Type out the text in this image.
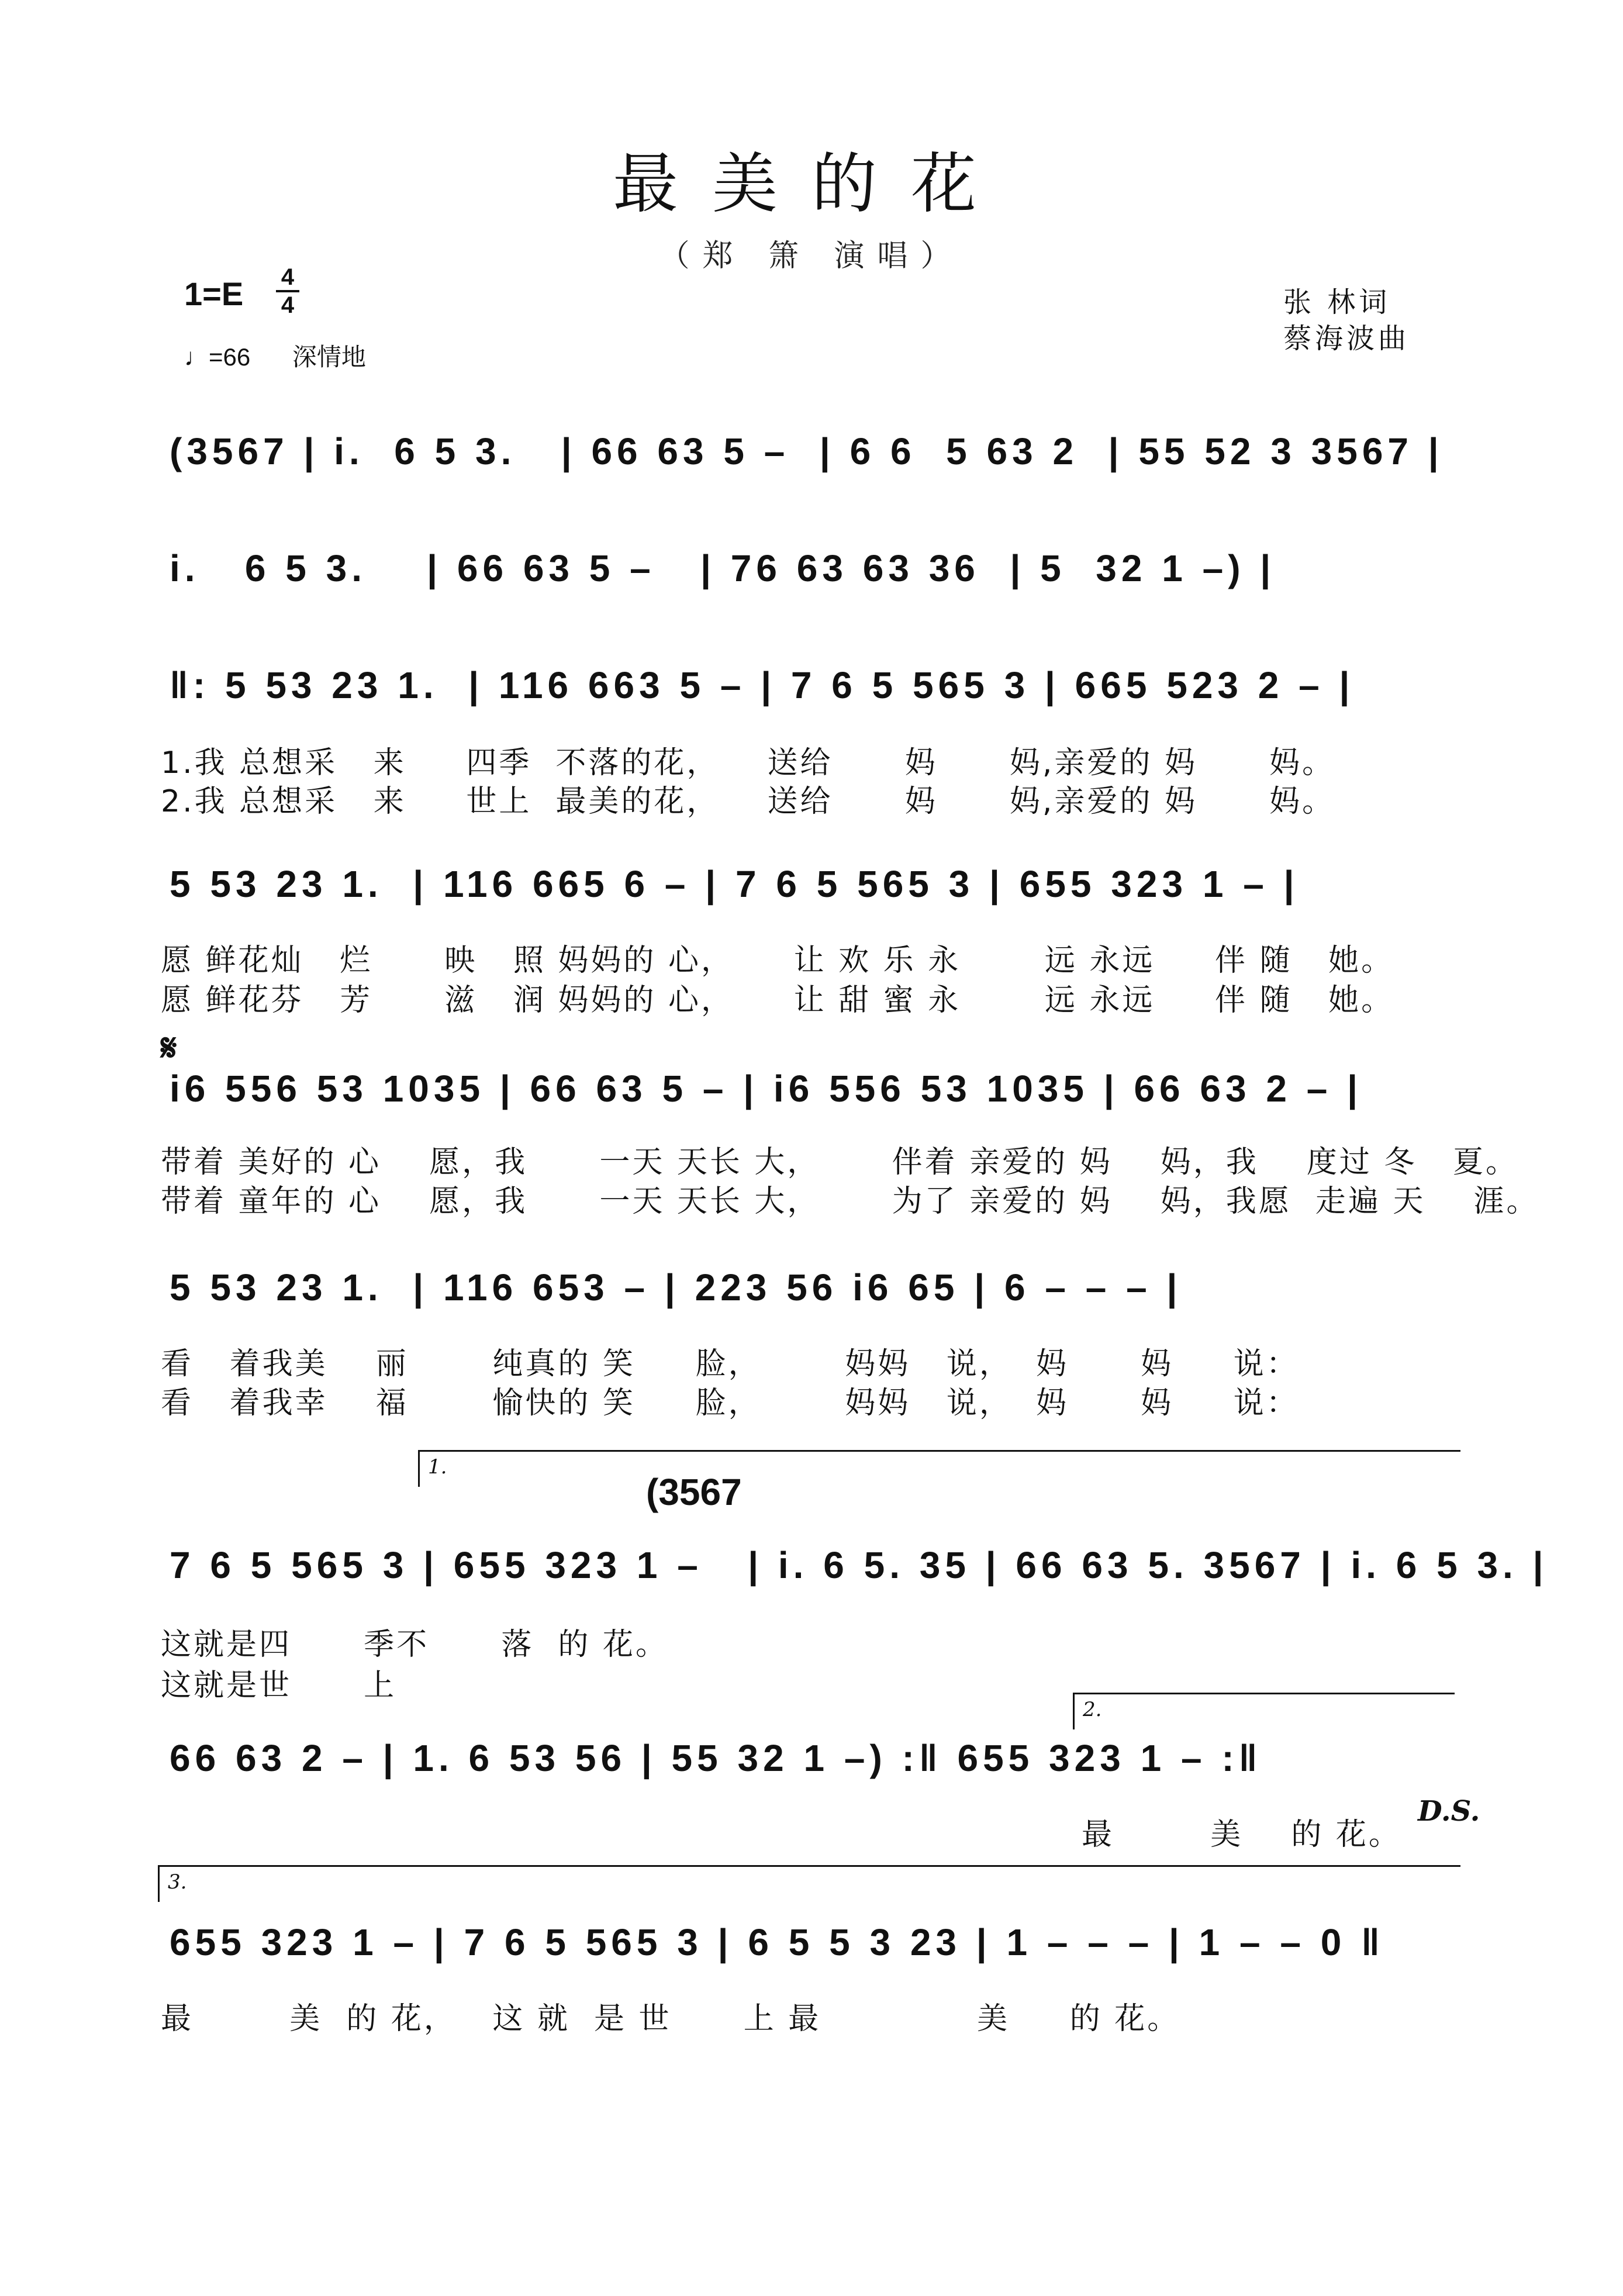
最美的花
（郑 箫 演唱）
1=E 4
4
♩=66 深情地
张 林词
蔡海波曲
(3567 | i.  6 5 3.   | 66 63 5 –  | 6 6  5 63 2  | 55 52 3 3567 |
i.   6 5 3.    | 66 63 5 –   | 76 63 63 36  | 5  32 1 –) |
‖: 5 53 23 1.  | 116 663 5 – | 7 6 5 565 3 | 665 523 2 – |
1.我 总想采   来     四季  不落的花，    送给      妈      妈,亲爱的 妈      妈。
2.我 总想采   来     世上  最美的花，    送给      妈      妈,亲爱的 妈      妈。
5 53 23 1.  | 116 665 6 – | 7 6 5 565 3 | 655 323 1 – |
愿 鲜花灿   烂      映   照 妈妈的 心，     让 欢 乐 永       远 永远     伴 随   她。
愿 鲜花芬   芳      滋   润 妈妈的 心，     让 甜 蜜 永       远 永远     伴 随   她。
𝄋
i6 556 53 1035 | 66 63 5 – | i6 556 53 1035 | 66 63 2 – |
带着 美好的 心    愿，我      一天 天长 大，      伴着 亲爱的 妈    妈，我    度过 冬   夏。
带着 童年的 心    愿，我      一天 天长 大，      为了 亲爱的 妈    妈，我愿  走遍 天    涯。
5 53 23 1.  | 116 653 – | 223 56 i6 65 | 6 – – – |
看   着我美    丽       纯真的 笑     脸，       妈妈   说，  妈      妈     说：
看   着我幸    福       愉快的 笑     脸，       妈妈   说，  妈      妈     说：
1.
(3567
7 6 5 565 3 | 655 323 1 –   | i. 6 5. 35 | 66 63 5. 3567 | i. 6 5 3. |
这就是四      季不      落  的 花。
这就是世      上
2.
66 63 2 – | 1. 6 53 56 | 55 32 1 –) :‖ 655 323 1 – :‖
最        美    的 花。
D.S.
3.
655 323 1 – | 7 6 5 565 3 | 6 5 5 3 23 | 1 – – – | 1 – – 0 ‖
最        美  的 花，   这 就  是 世      上 最             美     的 花。
